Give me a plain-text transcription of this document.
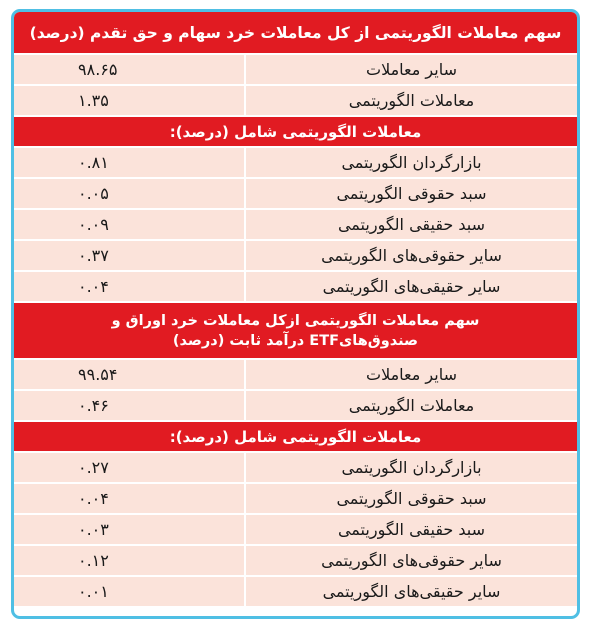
سهم معاملات الگوریتمی از کل معاملات خرد سهام و حق تقدم (درصد)
سایر معاملات
۹۸.۶۵
معاملات الگوریتمی
۱.۳۵
معاملات الگوریتمی شامل (درصد):
بازارگردان الگوریتمی
۰.۸۱
سبد حقوقی الگوریتمی
۰.۰۵
سبد حقیقی الگوریتمی
۰.۰۹
سایر حقوقی‌های الگوریتمی
۰.۳۷
سایر حقیقی‌های الگوریتمی
۰.۰۴
سهم معاملات الگوریتمی ازکل معاملات خرد اوراق و
صندوق‌هایETF درآمد ثابت (درصد)
سایر معاملات
۹۹.۵۴
معاملات الگوریتمی
۰.۴۶
معاملات الگوریتمی شامل (درصد):
بازارگردان الگوریتمی
۰.۲۷
سبد حقوقی الگوریتمی
۰.۰۴
سبد حقیقی الگوریتمی
۰.۰۳
سایر حقوقی‌های الگوریتمی
۰.۱۲
سایر حقیقی‌های الگوریتمی
۰.۰۱
